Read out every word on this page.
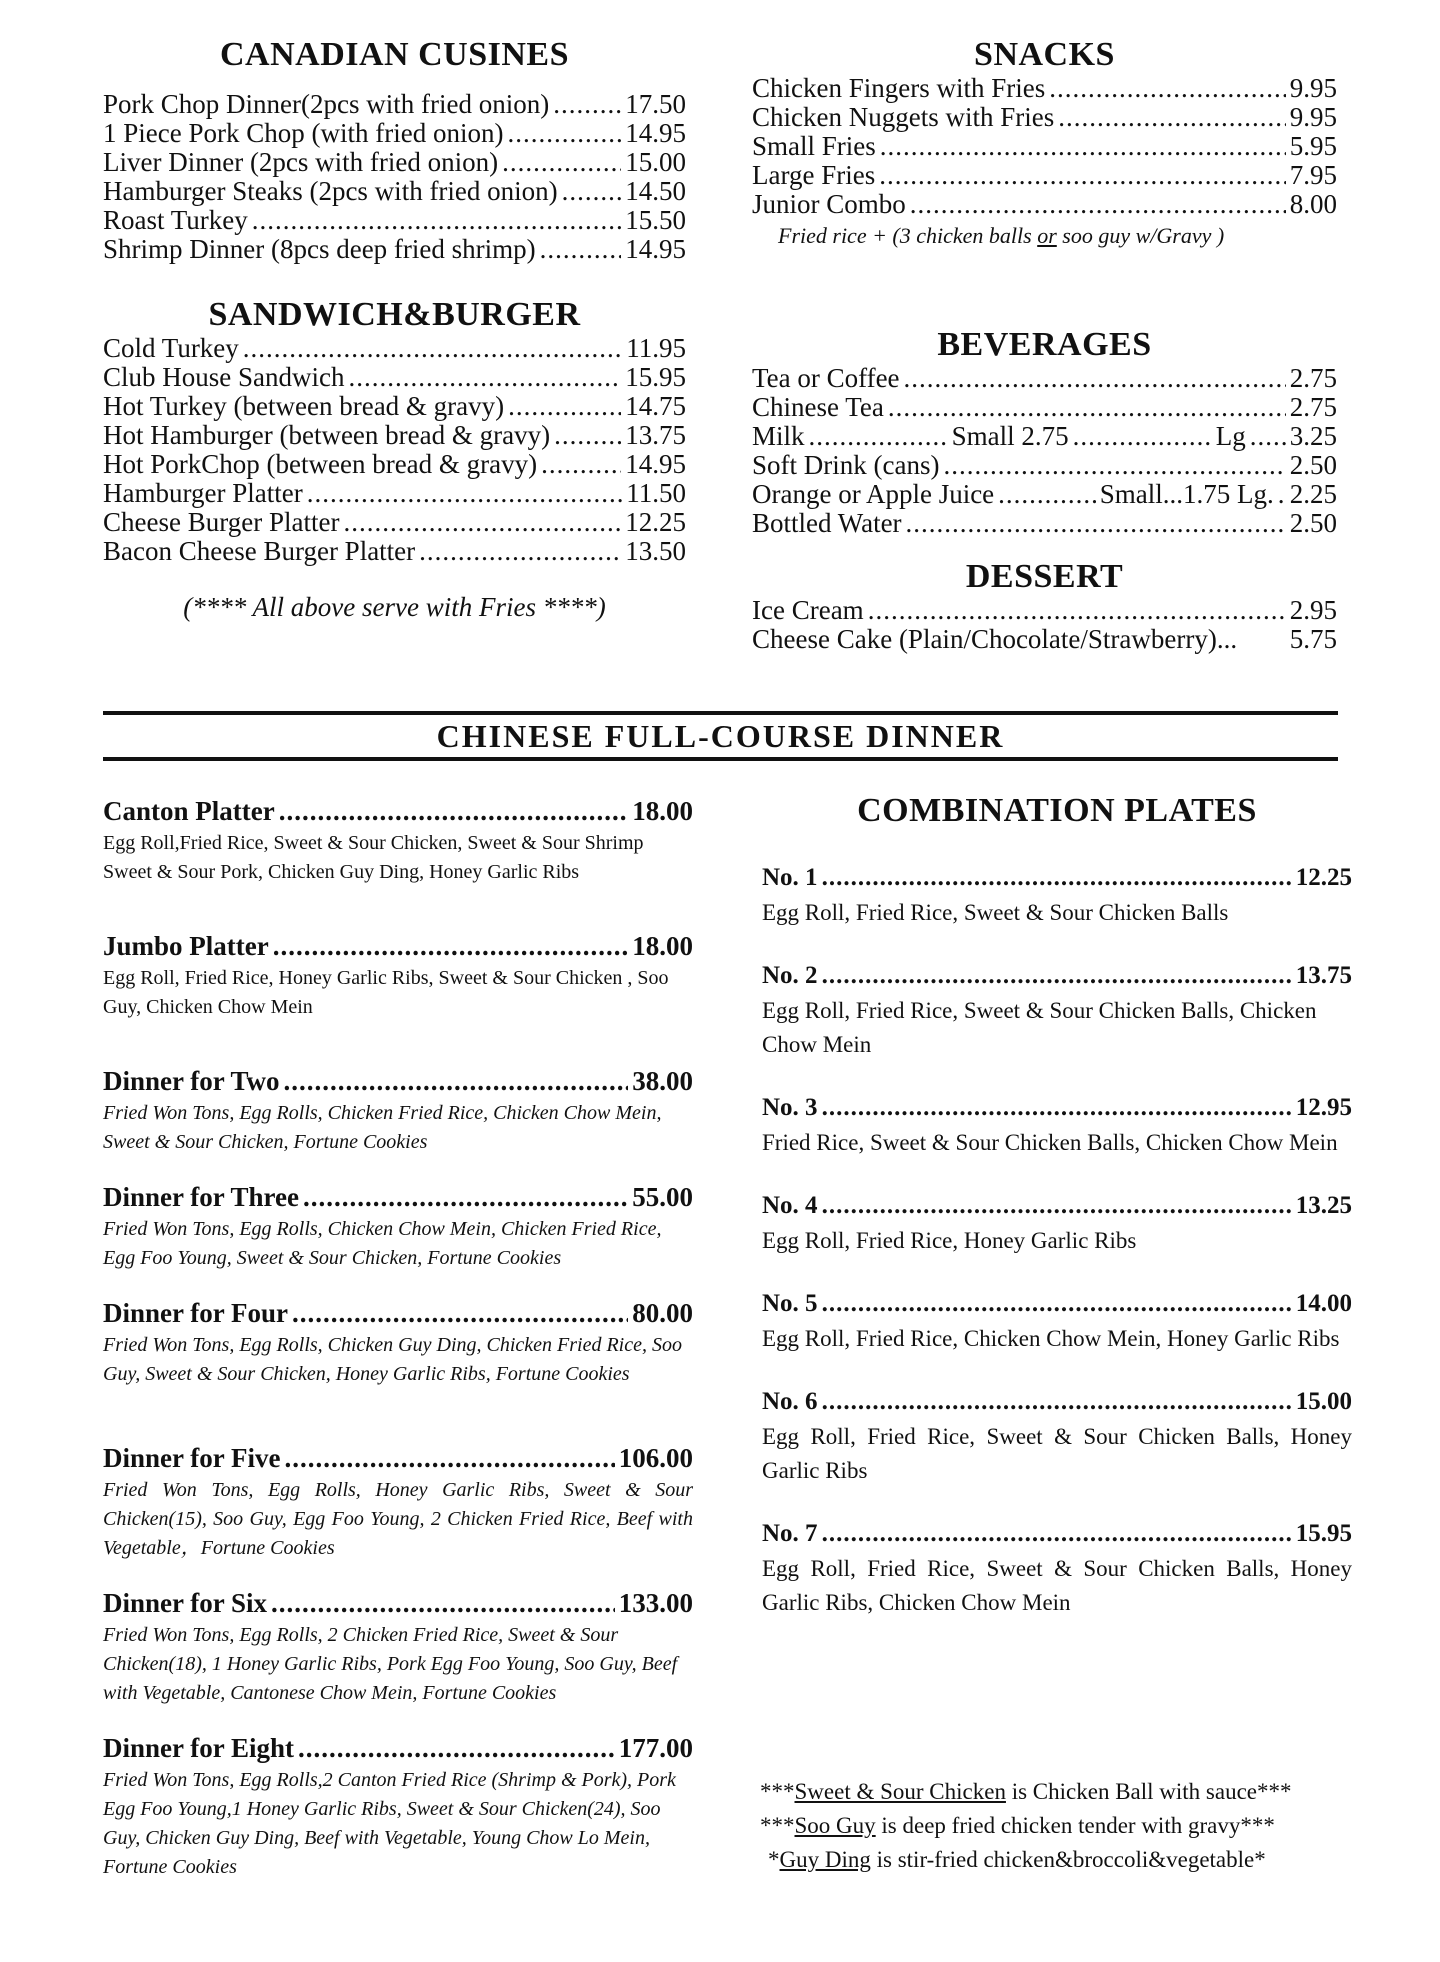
CANADIAN CUSINES
Pork Chop Dinner(2pcs with fried onion) .....	17.50
1 Piece Pork Chop (with fried onion) .....	14.95
Liver Dinner (2pcs with fried onion) .....	15.00
Hamburger Steaks (2pcs with fried onion) .....	14.50
Roast Turkey .....	15.50
Shrimp Dinner (8pcs deep fried shrimp) .....	14.95
SANDWICH&BURGER
Cold Turkey .....	11.95
Club House Sandwich .....	15.95
Hot Turkey (between bread & gravy) .....	14.75
Hot Hamburger (between bread & gravy) .....	13.75
Hot PorkChop (between bread & gravy) .....	14.95
Hamburger Platter .....	11.50
Cheese Burger Platter .....	12.25
Bacon Cheese Burger Platter .....	13.50
(**** All above serve with Fries ****)
SNACKS
Chicken Fingers with Fries .....	9.95
Chicken Nuggets with Fries .....	9.95
Small Fries .....	5.95
Large Fries .....	7.95
Junior Combo .....	8.00
Fried rice + (3 chicken balls or soo guy w/Gravy )
BEVERAGES
Tea or Coffee .....	2.75
Chinese Tea .....	2.75
Milk .....	Small 2.75 .....	Lg ..... 3.25
Soft Drink (cans) .....	2.50
Orange or Apple Juice .....	Small...1.75 Lg. ..... 2.25
Bottled Water .....	2.50
DESSERT
Ice Cream .....	2.95
Cheese Cake (Plain/Chocolate/Strawberry)... 5.75
CHINESE FULL-COURSE DINNER
Canton Platter .....	18.00
Egg Roll,Fried Rice, Sweet & Sour Chicken, Sweet & Sour Shrimp Sweet & Sour Pork, Chicken Guy Ding, Honey Garlic Ribs
Jumbo Platter .....	18.00
Egg Roll, Fried Rice, Honey Garlic Ribs, Sweet & Sour Chicken , Soo Guy, Chicken Chow Mein
Dinner for Two .....	38.00
Fried Won Tons, Egg Rolls, Chicken Fried Rice, Chicken Chow Mein, Sweet & Sour Chicken, Fortune Cookies
Dinner for Three .....	55.00
Fried Won Tons, Egg Rolls, Chicken Chow Mein, Chicken Fried Rice, Egg Foo Young, Sweet & Sour Chicken, Fortune Cookies
Dinner for Four .....	80.00
Fried Won Tons, Egg Rolls, Chicken Guy Ding, Chicken Fried Rice, Soo Guy, Sweet & Sour Chicken, Honey Garlic Ribs, Fortune Cookies
Dinner for Five .....	106.00
Fried Won Tons, Egg Rolls, Honey Garlic Ribs, Sweet & Sour Chicken(15), Soo Guy, Egg Foo Young, 2 Chicken Fried Rice, Beef with Vegetable，Fortune Cookies
Dinner for Six .....	133.00
Fried Won Tons, Egg Rolls, 2 Chicken Fried Rice, Sweet & Sour Chicken(18), 1 Honey Garlic Ribs, Pork Egg Foo Young, Soo Guy, Beef with Vegetable, Cantonese Chow Mein, Fortune Cookies
Dinner for Eight .....	177.00
Fried Won Tons, Egg Rolls,2 Canton Fried Rice (Shrimp & Pork), Pork Egg Foo Young,1 Honey Garlic Ribs, Sweet & Sour Chicken(24), Soo Guy, Chicken Guy Ding, Beef with Vegetable, Young Chow Lo Mein, Fortune Cookies
COMBINATION PLATES
No. 1 .....	12.25
Egg Roll, Fried Rice, Sweet & Sour Chicken Balls
No. 2 .....	13.75
Egg Roll, Fried Rice, Sweet & Sour Chicken Balls, Chicken Chow Mein
No. 3 .....	12.95
Fried Rice, Sweet & Sour Chicken Balls, Chicken Chow Mein
No. 4 .....	13.25
Egg Roll, Fried Rice, Honey Garlic Ribs
No. 5 .....	14.00
Egg Roll, Fried Rice, Chicken Chow Mein, Honey Garlic Ribs
No. 6 .....	15.00
Egg Roll, Fried Rice, Sweet & Sour Chicken Balls, Honey Garlic Ribs
No. 7 .....	15.95
Egg Roll, Fried Rice, Sweet & Sour Chicken Balls, Honey Garlic Ribs, Chicken Chow Mein
***Sweet & Sour Chicken is Chicken Ball with sauce***
***Soo Guy is deep fried chicken tender with gravy***
*Guy Ding is stir-fried chicken&broccoli&vegetable*
